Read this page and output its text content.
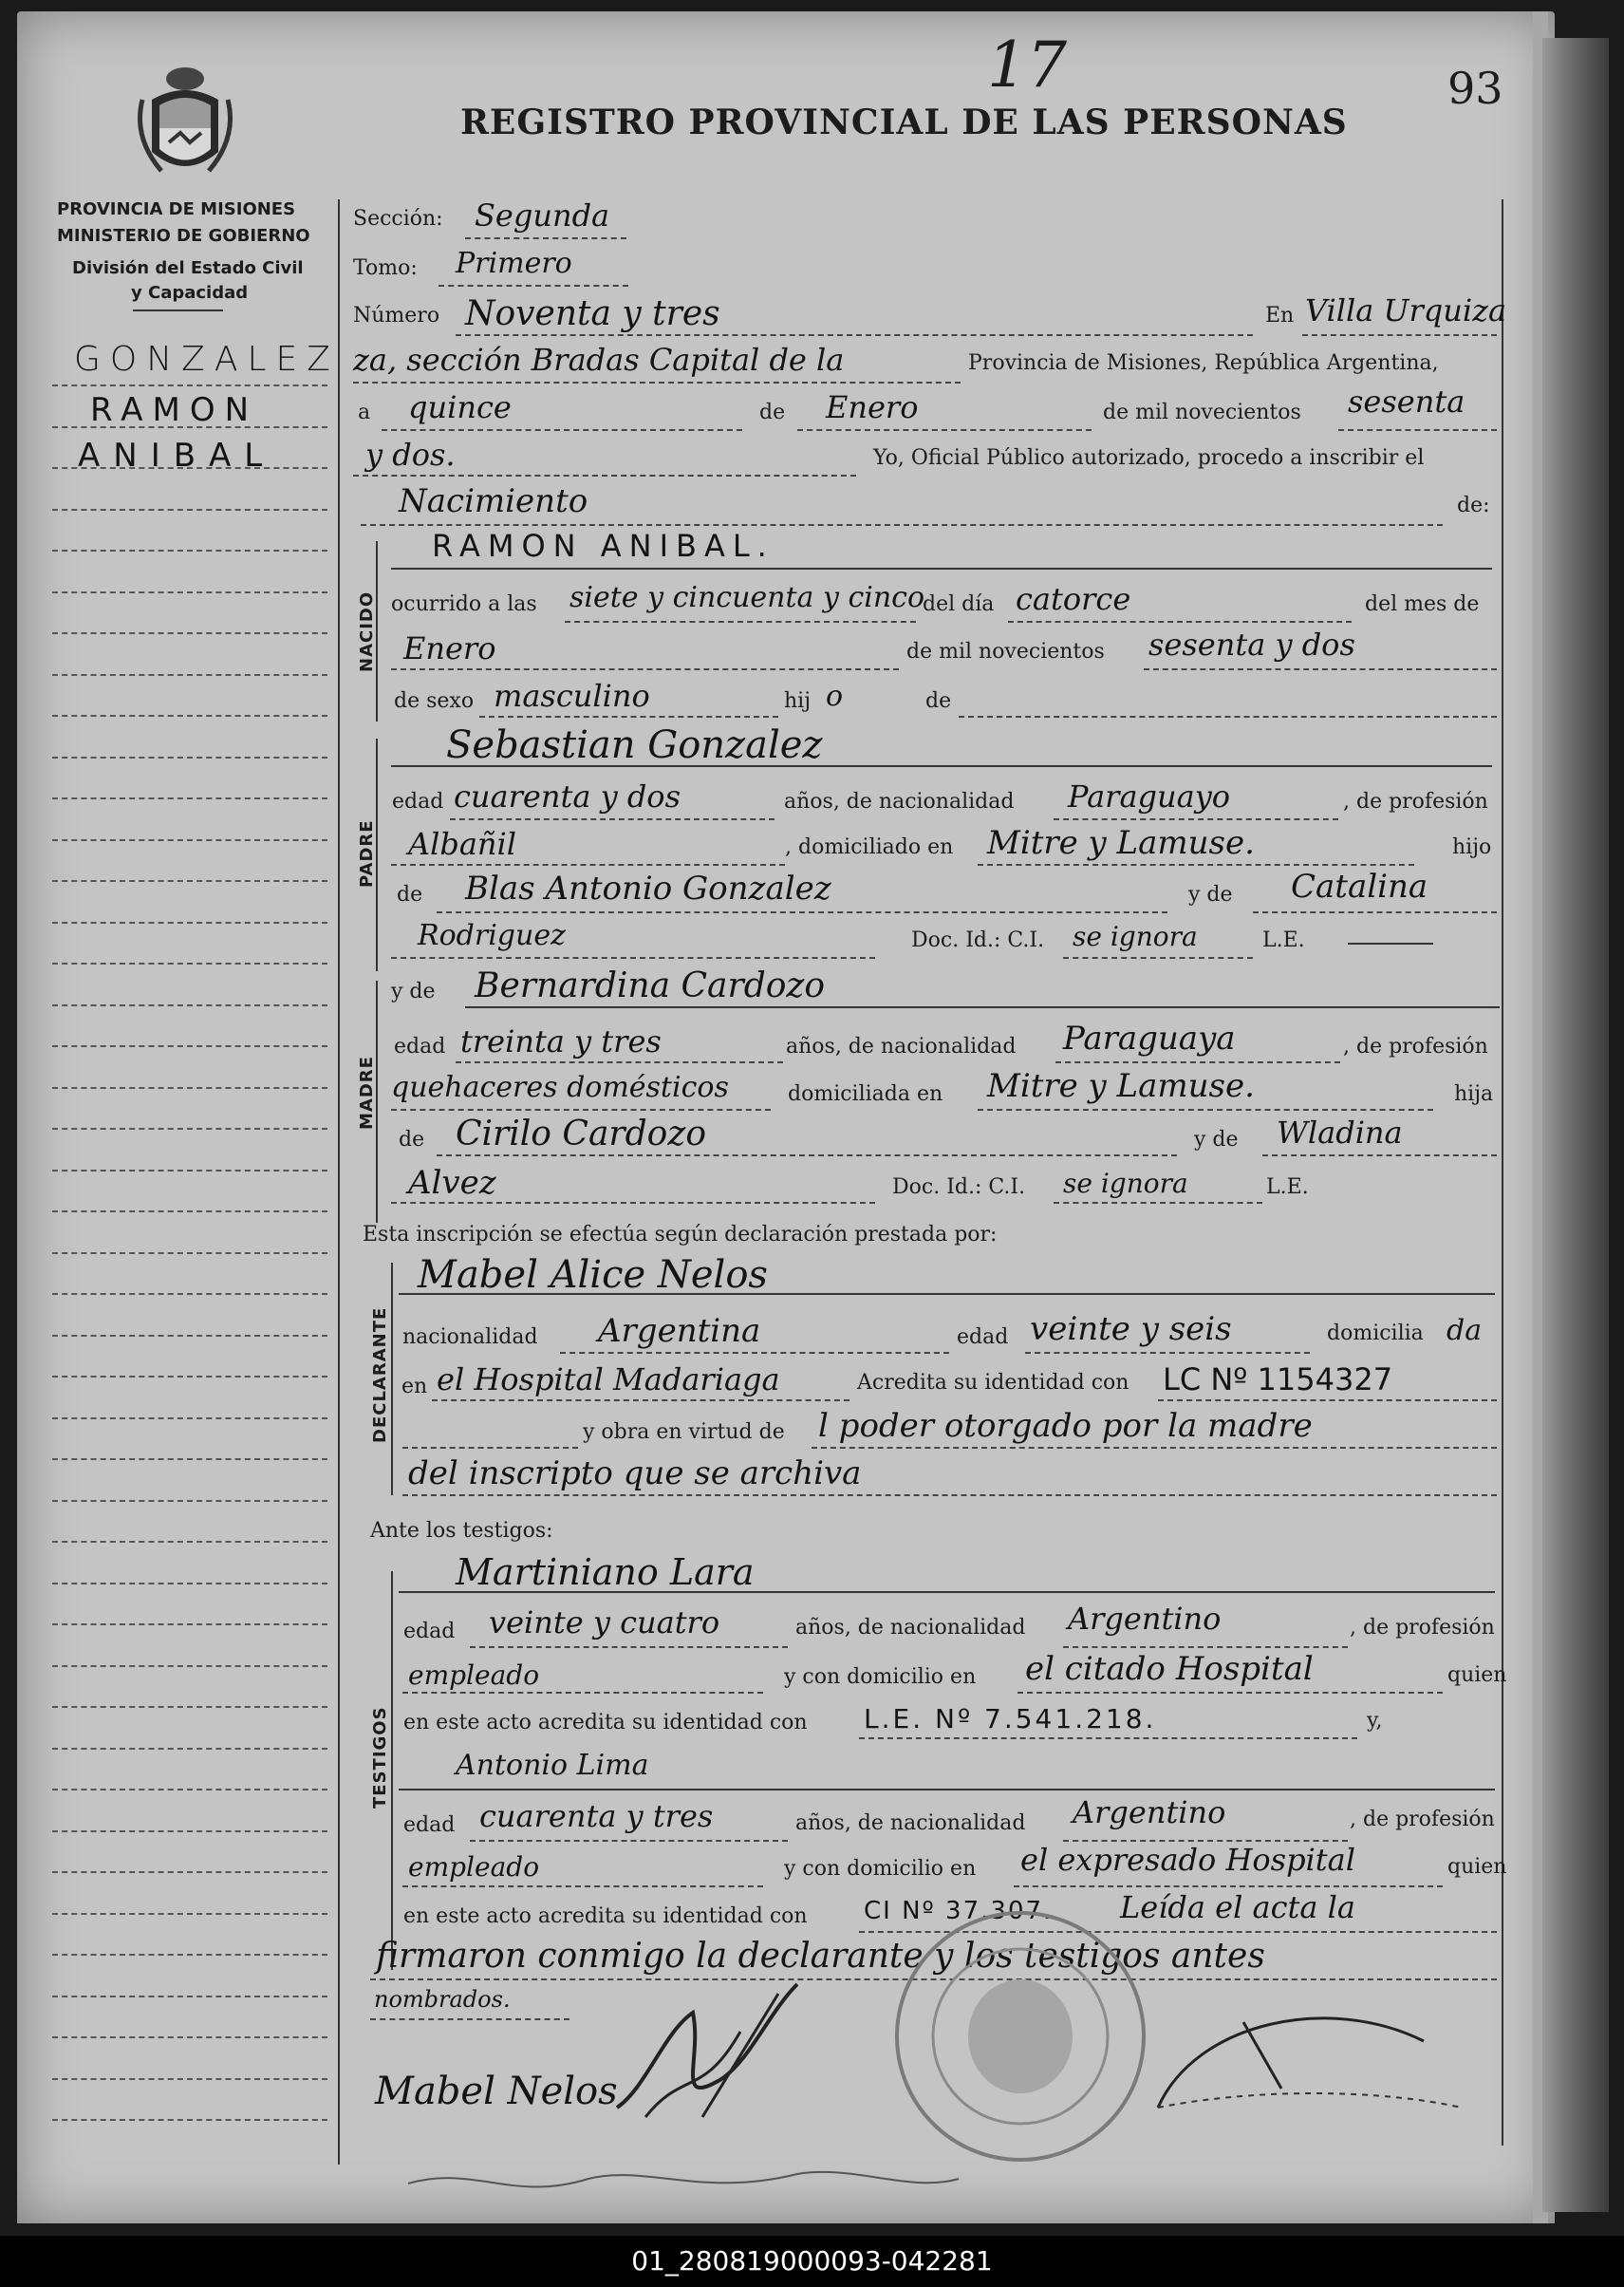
17	93
REGISTRO PROVINCIAL DE LAS PERSONAS
PROVINCIA DE MISIONES
MINISTERIO DE GOBIERNO
División del Estado Civil
y Capacidad
GONZALEZ
RAMON
ANIBAL
NACIDO
PADRE
MADRE
DECLARANTE
TESTIGOS
Sección: Segunda
Tomo: Primero
Número Noventa y tres	En Villa Urquiza
za, sección Bradas Capital de la	Provincia de Misiones, República Argentina,
a quince	de Enero	de mil novecientos sesenta
y dos.	Yo, Oficial Público autorizado, procedo a inscribir el
Nacimiento	de:
RAMON ANIBAL.
ocurrido a las siete y cincuenta y cinco
del día catorce	del mes de
Enero	de mil novecientos sesenta y dos
de sexo masculino	hij o	de
Sebastian Gonzalez
edad cuarenta y dos	años, de nacionalidad Paraguayo	, de profesión
Albañil	, domiciliado en Mitre y Lamuse.	hijo
de Blas Antonio Gonzalez	y de Catalina
Rodriguez	Doc. Id.: C.I. se ignora	L.E.
y de Bernardina Cardozo
edad treinta y tres	años, de nacionalidad Paraguaya	, de profesión
quehaceres domésticos	domiciliada en Mitre y Lamuse.	hija
de Cirilo Cardozo	y de Wladina
Alvez	Doc. Id.: C.I. se ignora	L.E.
Esta inscripción se efectúa según declaración prestada por:
Mabel Alice Nelos
nacionalidad Argentina	edad veinte y seis	domicilia da
en el Hospital Madariaga	Acredita su identidad con LC Nº 1154327
y obra en virtud de l poder otorgado por la madre
del inscripto que se archiva
Ante los testigos:
Martiniano Lara
edad veinte y cuatro	años, de nacionalidad Argentino	, de profesión
empleado	y con domicilio en el citado Hospital	quien
en este acto acredita su identidad con L.E. Nº 7.541.218.	y,
Antonio Lima
edad cuarenta y tres	años, de nacionalidad Argentino	, de profesión
empleado	y con domicilio en el expresado Hospital	quien
en este acto acredita su identidad con CI Nº 37.307. Leída el acta la
firmaron conmigo la declarante y los testigos antes
nombrados.
Mabel Nelos
01_280819000093-042281
